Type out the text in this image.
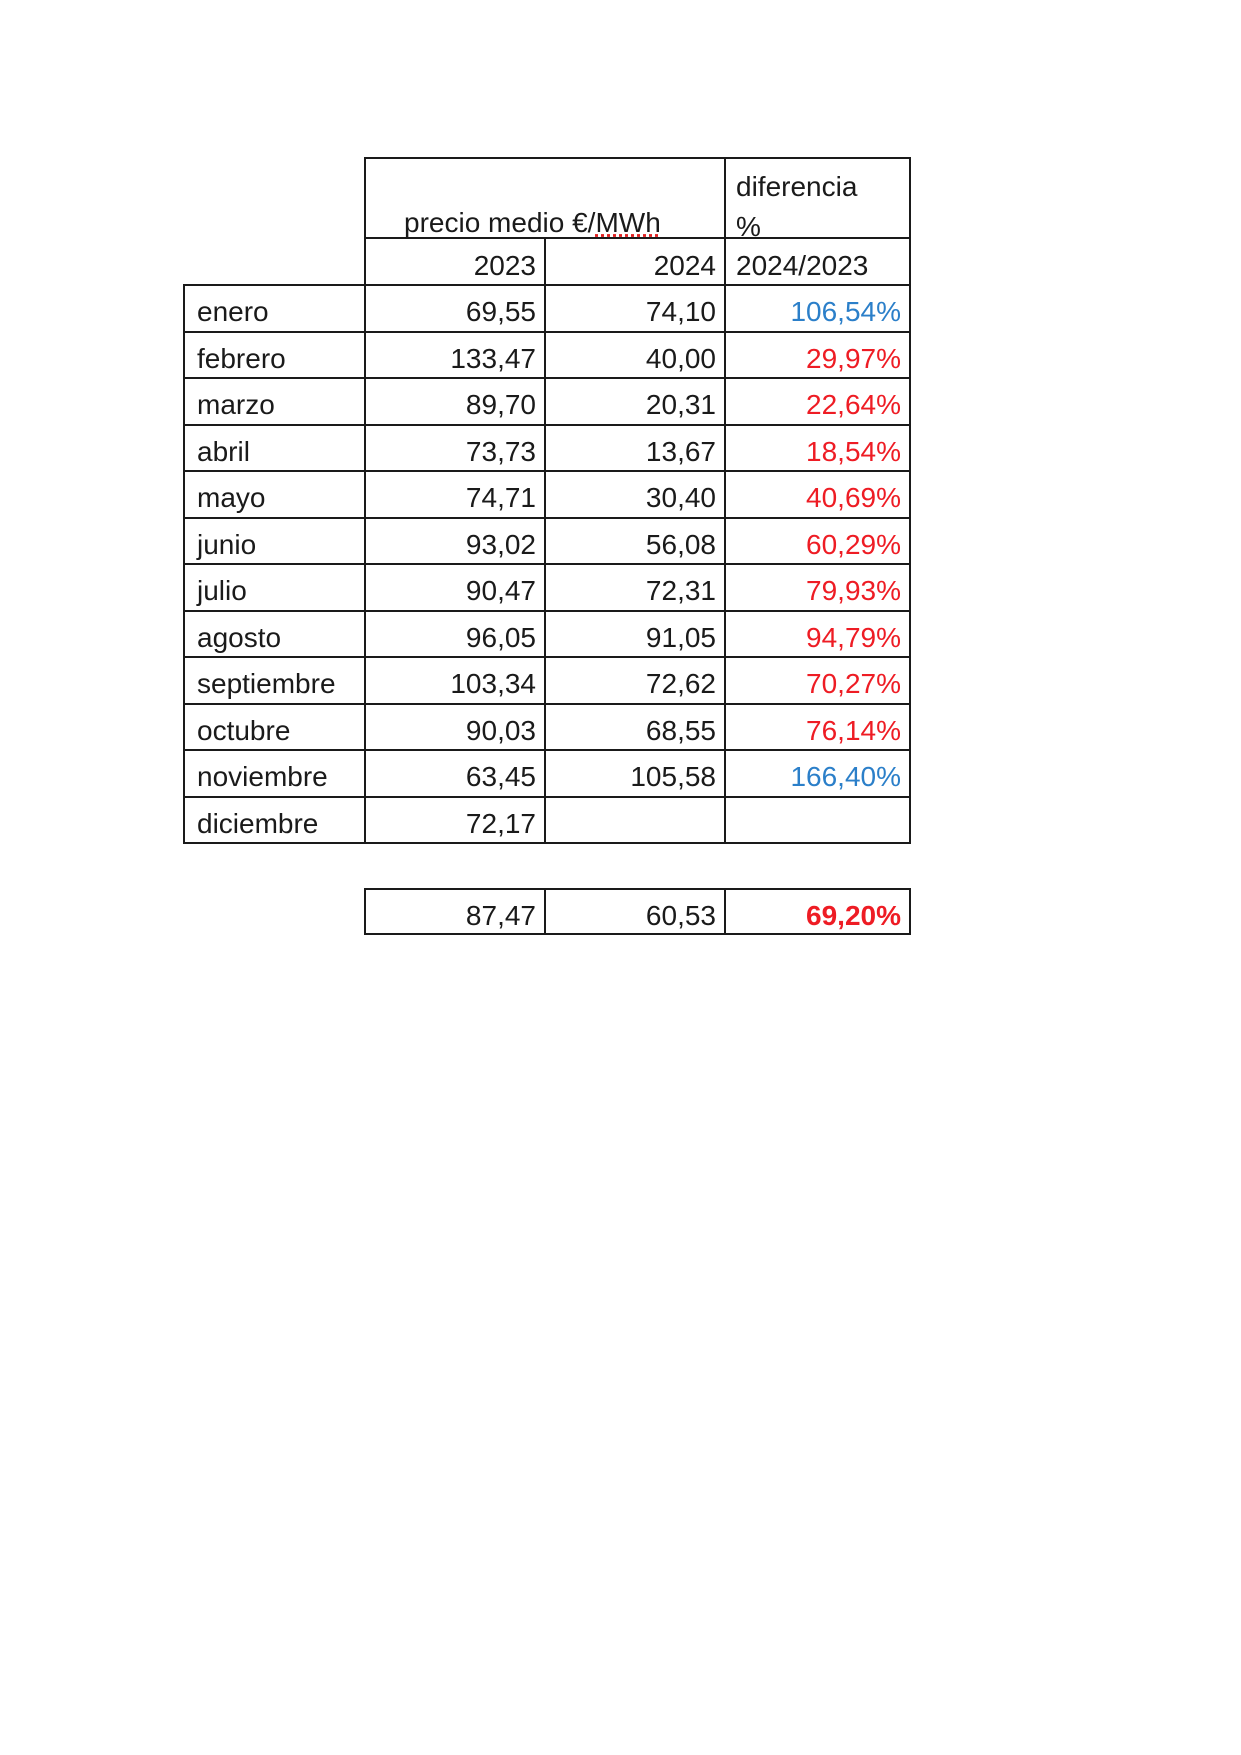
precio medio €/MWh
diferencia
%
2023	2024 2024/2023
enero	69,55	74,10	106,54%
febrero	133,47	40,00	29,97%
marzo	89,70	20,31	22,64%
abril	73,73	13,67	18,54%
mayo	74,71	30,40	40,69%
junio	93,02	56,08	60,29%
julio	90,47	72,31	79,93%
agosto	96,05	91,05	94,79%
septiembre	103,34	72,62	70,27%
octubre	90,03	68,55	76,14%
noviembre	63,45	105,58	166,40%
diciembre	72,17
87,47	60,53	69,20%
